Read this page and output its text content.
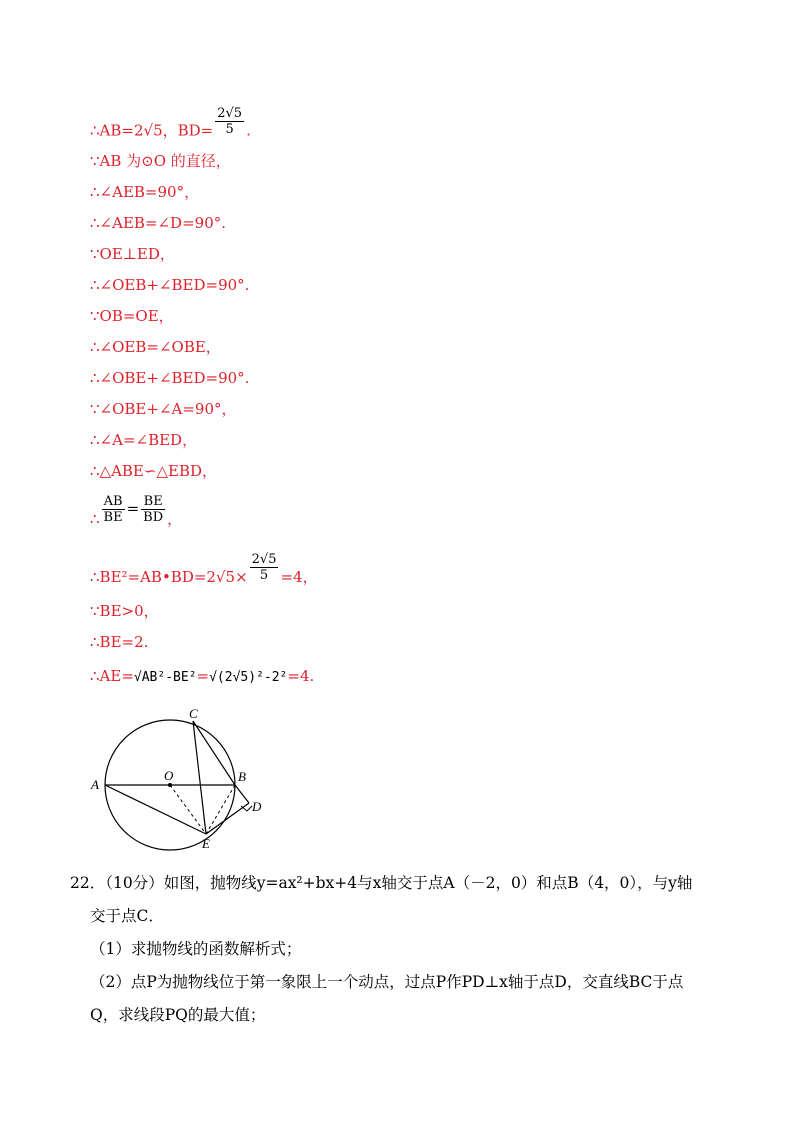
∴AB=2√5，$BD= \frac{2√5}{5}$ .
∵AB 为⊙O 的直径，
∴∠AEB=90°，
∴∠AEB=∠D=90°.
∵OE⊥ED，
∴∠OEB+∠BED=90°.
∵OB=OE，
∴∠OEB=∠OBE，
∴∠OBE+∠BED=90°.
∵∠OBE+∠A=90°，
∴∠A=∠BED，
∴△ABE∽△EBD，
∴ $\frac{AB}{BE} = \frac{BE}{BD}$ ，
∴BE²=AB•BD=2√5× $\frac{2√5}{5} =4$，
∵BE>0，
∴BE=2.
∴AE=√AB²-BE²=√(2√5)²-2²=4.
A
B
C
D
E
O
22．（10分）如图，抛物线y=ax²+bx+4与x轴交于点A（－2，0）和点B（4，0），与y轴
交于点C．
（1）求抛物线的函数解析式；
（2）点P为抛物线位于第一象限上一个动点，过点P作PD⊥x轴于点D，交直线BC于点
Q，求线段PQ的最大值；
